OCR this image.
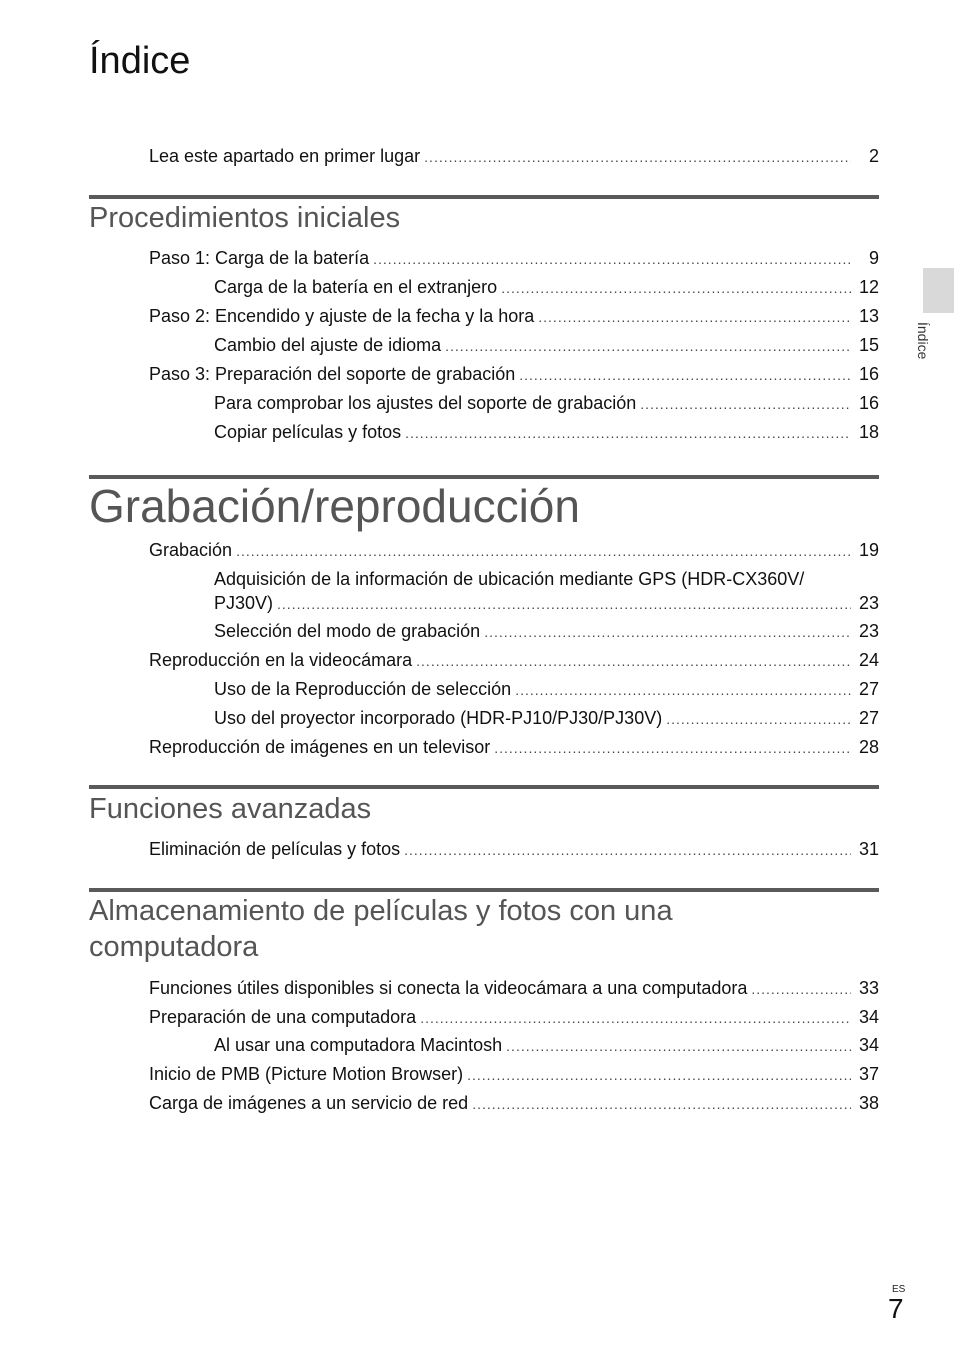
Índice
Índice
Lea este apartado en primer lugar .....	2
Procedimientos iniciales
Paso 1: Carga de la batería .....	9
Carga de la batería en el extranjero .....	12
Paso 2: Encendido y ajuste de la fecha y la hora .....	13
Cambio del ajuste de idioma .....	15
Paso 3: Preparación del soporte de grabación .....	16
Para comprobar los ajustes del soporte de grabación .....	16
Copiar películas y fotos .....	18
Grabación/reproducción
Grabación .....	19
Adquisición de la información de ubicación mediante GPS (HDR-CX360V/
PJ30V) .....	23
Selección del modo de grabación .....	23
Reproducción en la videocámara .....	24
Uso de la Reproducción de selección .....	27
Uso del proyector incorporado (HDR-PJ10/PJ30/PJ30V) .....	27
Reproducción de imágenes en un televisor .....	28
Funciones avanzadas
Eliminación de películas y fotos .....	31
Almacenamiento de películas y fotos con una
computadora
Funciones útiles disponibles si conecta la videocámara a una computadora .....	33
Preparación de una computadora .....	34
Al usar una computadora Macintosh .....	34
Inicio de PMB (Picture Motion Browser) .....	37
Carga de imágenes a un servicio de red .....	38
ES
7
